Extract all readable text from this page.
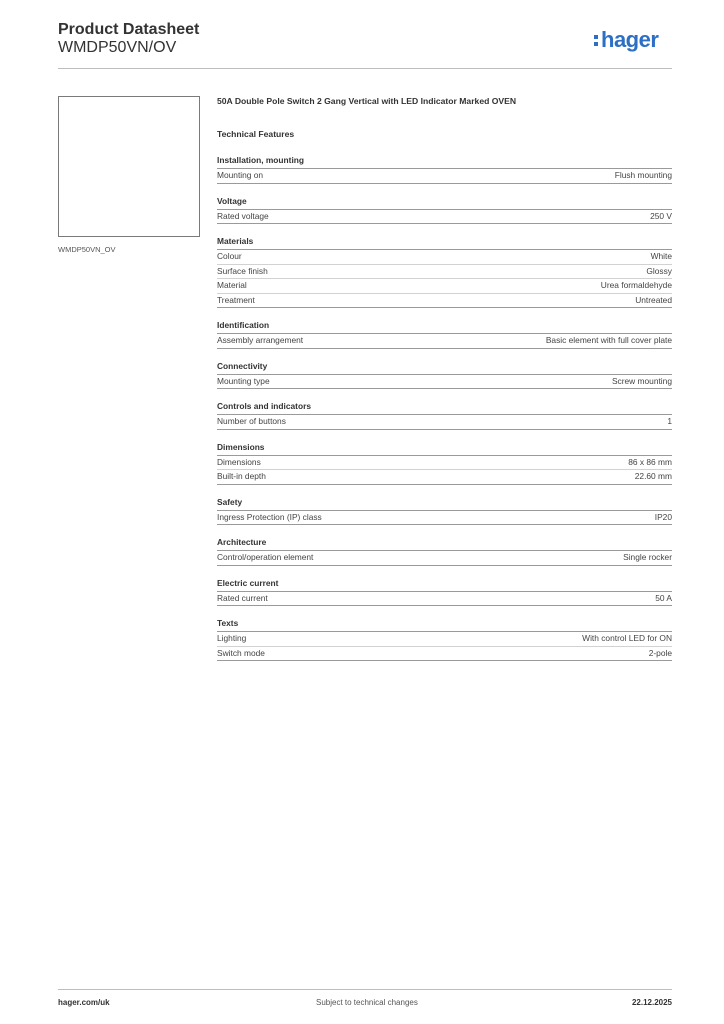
Product Datasheet
WMDP50VN/OV	hager
WMDP50VN_OV
50A Double Pole Switch 2 Gang Vertical with LED Indicator Marked OVEN
Technical Features
Installation, mounting
Mounting on	Flush mounting
Voltage
Rated voltage	250 V
Materials
Colour	White
Surface finish	Glossy
Material	Urea formaldehyde
Treatment	Untreated
Identification
Assembly arrangement	Basic element with full cover plate
Connectivity
Mounting type	Screw mounting
Controls and indicators
Number of buttons	1
Dimensions
Dimensions	86 x 86 mm
Built-in depth	22.60 mm
Safety
Ingress Protection (IP) class	IP20
Architecture
Control/operation element	Single rocker
Electric current
Rated current	50 A
Texts
Lighting	With control LED for ON
Switch mode	2-pole
hager.com/uk	Subject to technical changes	22.12.2025
